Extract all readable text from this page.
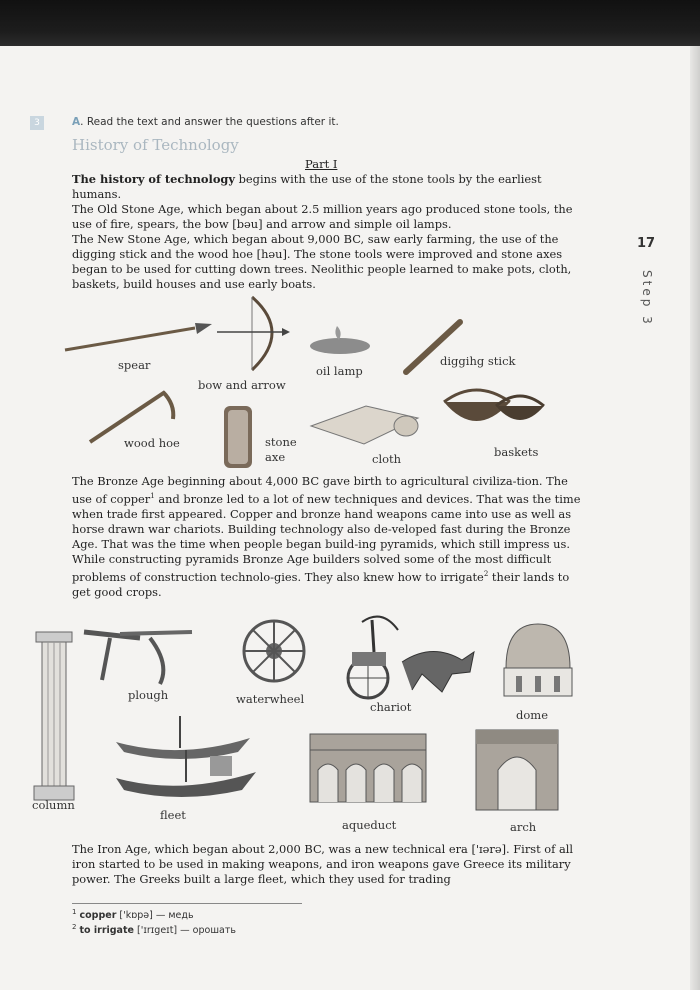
17
Step 3
3	A. Read the text and answer the questions after it.
History of Technology
Part I

The history of technology begins with the use of the stone tools by the earliest humans.

The Old Stone Age, which began about 2.5 million years ago produced stone tools, the use of fire, spears, the bow [bəu] and arrow and simple oil lamps.

The New Stone Age, which began about 9,000 BC, saw early farming, the use of the digging stick and the wood hoe [həu]. The stone tools were improved and stone axes began to be used for cutting down trees. Neolithic people learned to make pots, cloth, baskets, build houses and use early boats.

spear
bow and arrow
oil lamp
diggihg stick
wood hoe	stone
axe	cloth	baskets

The Bronze Age beginning about 4,000 BC gave birth to agricultural civiliza-tion. The use of copper$^1$ and bronze led to a lot of new techniques and devices. That was the time when trade first appeared. Copper and bronze hand weapons came into use as well as horse drawn war chariots. Building technology also de-veloped fast during the Bronze Age. That was the time when people began build-ing pyramids, which still impress us. While constructing pyramids Bronze Age builders solved some of the most difficult problems of construction technolo-gies. They also knew how to irrigate$^2$ their lands to get good crops.

column
plough	waterwheel
chariot
dome
fleet
aqueduct	arch

The Iron Age, which began about 2,000 BC, was a new technical era ['ɪərə]. First of all iron started to be used in making weapons, and iron weapons gave Greece its military power. The Greeks built a large fleet, which they used for trading

$^1$ copper ['kɒpə] — медь
$^2$ to irrigate ['ɪrɪgeɪt] — орошать
